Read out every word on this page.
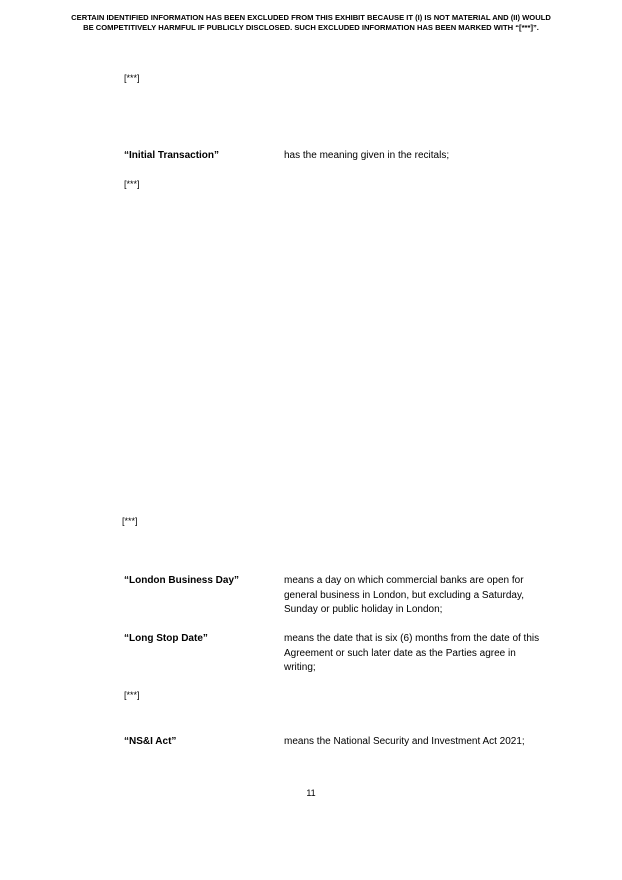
CERTAIN IDENTIFIED INFORMATION HAS BEEN EXCLUDED FROM THIS EXHIBIT BECAUSE IT (I) IS NOT MATERIAL AND (II) WOULD
BE COMPETITIVELY HARMFUL IF PUBLICLY DISCLOSED. SUCH EXCLUDED INFORMATION HAS BEEN MARKED WITH “[***]”.
[***]
“Initial Transaction”	has the meaning given in the recitals;
[***]
[***]
“London Business Day”	means a day on which commercial banks are open for general business in London, but excluding a Saturday, Sunday or public holiday in London;
“Long Stop Date”	means the date that is six (6) months from the date of this Agreement or such later date as the Parties agree in writing;
[***]
“NS&I Act”	means the National Security and Investment Act 2021;
11
